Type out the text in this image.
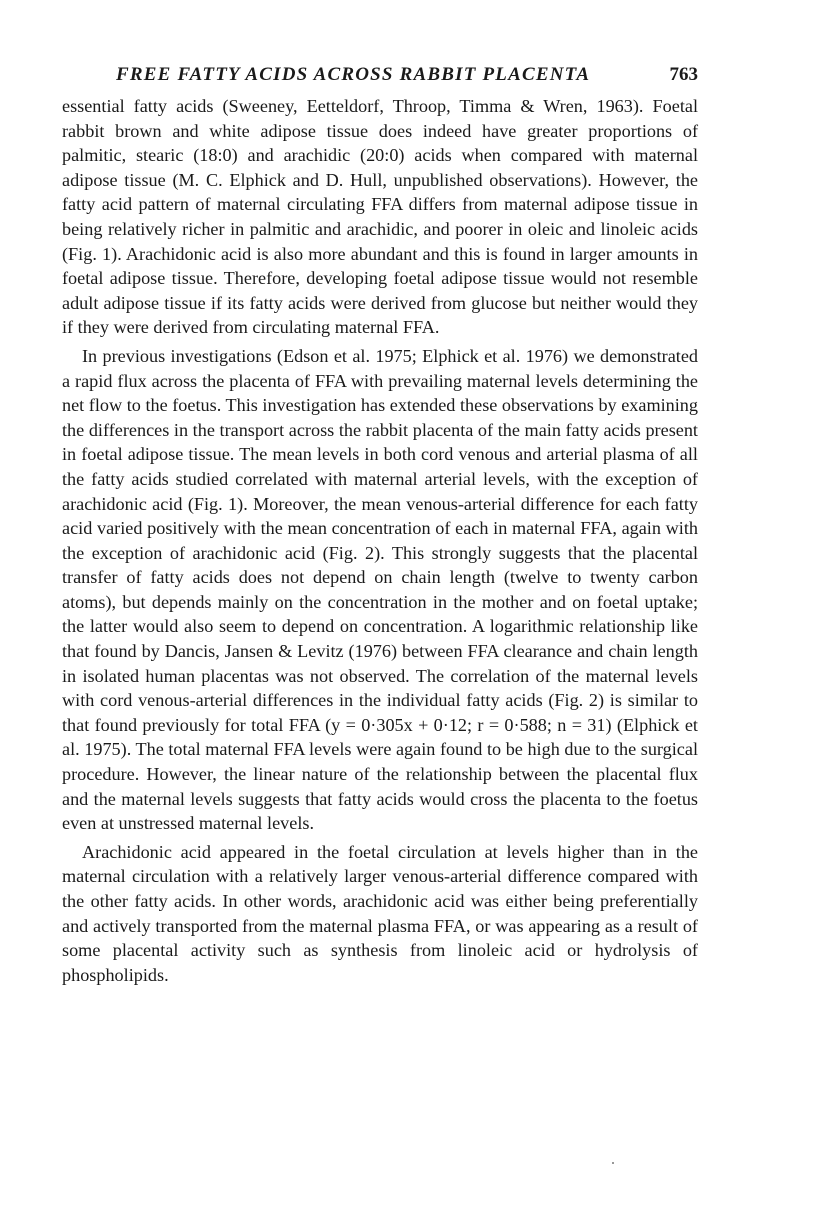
FREE FATTY ACIDS ACROSS RABBIT PLACENTA	763

essential fatty acids (Sweeney, Eetteldorf, Throop, Timma & Wren, 1963). Foetal rabbit brown and white adipose tissue does indeed have greater proportions of palmitic, stearic (18:0) and arachidic (20:0) acids when compared with maternal adipose tissue (M. C. Elphick and D. Hull, unpublished observations). However, the fatty acid pattern of maternal circulating FFA differs from maternal adipose tissue in being relatively richer in palmitic and arachidic, and poorer in oleic and linoleic acids (Fig. 1). Arachidonic acid is also more abundant and this is found in larger amounts in foetal adipose tissue. Therefore, developing foetal adipose tissue would not resemble adult adipose tissue if its fatty acids were derived from glucose but neither would they if they were derived from circulating maternal FFA.

In previous investigations (Edson et al. 1975; Elphick et al. 1976) we demonstrated a rapid flux across the placenta of FFA with prevailing maternal levels determining the net flow to the foetus. This investigation has extended these observations by examining the differences in the transport across the rabbit placenta of the main fatty acids present in foetal adipose tissue. The mean levels in both cord venous and arterial plasma of all the fatty acids studied correlated with maternal arterial levels, with the exception of arachidonic acid (Fig. 1). Moreover, the mean venous-arterial difference for each fatty acid varied positively with the mean concentration of each in maternal FFA, again with the exception of arachidonic acid (Fig. 2). This strongly suggests that the placental transfer of fatty acids does not depend on chain length (twelve to twenty carbon atoms), but depends mainly on the concentration in the mother and on foetal uptake; the latter would also seem to depend on concentration. A logarithmic relationship like that found by Dancis, Jansen & Levitz (1976) between FFA clearance and chain length in isolated human placentas was not observed. The correlation of the maternal levels with cord venous-arterial differences in the individual fatty acids (Fig. 2) is similar to that found previously for total FFA (y = 0·305x + 0·12; r = 0·588; n = 31) (Elphick et al. 1975). The total maternal FFA levels were again found to be high due to the surgical procedure. However, the linear nature of the relationship between the placental flux and the maternal levels suggests that fatty acids would cross the placenta to the foetus even at unstressed maternal levels.

Arachidonic acid appeared in the foetal circulation at levels higher than in the maternal circulation with a relatively larger venous-arterial difference compared with the other fatty acids. In other words, arachidonic acid was either being preferentially and actively transported from the maternal plasma FFA, or was appearing as a result of some placental activity such as synthesis from linoleic acid or hydrolysis of phospholipids.
